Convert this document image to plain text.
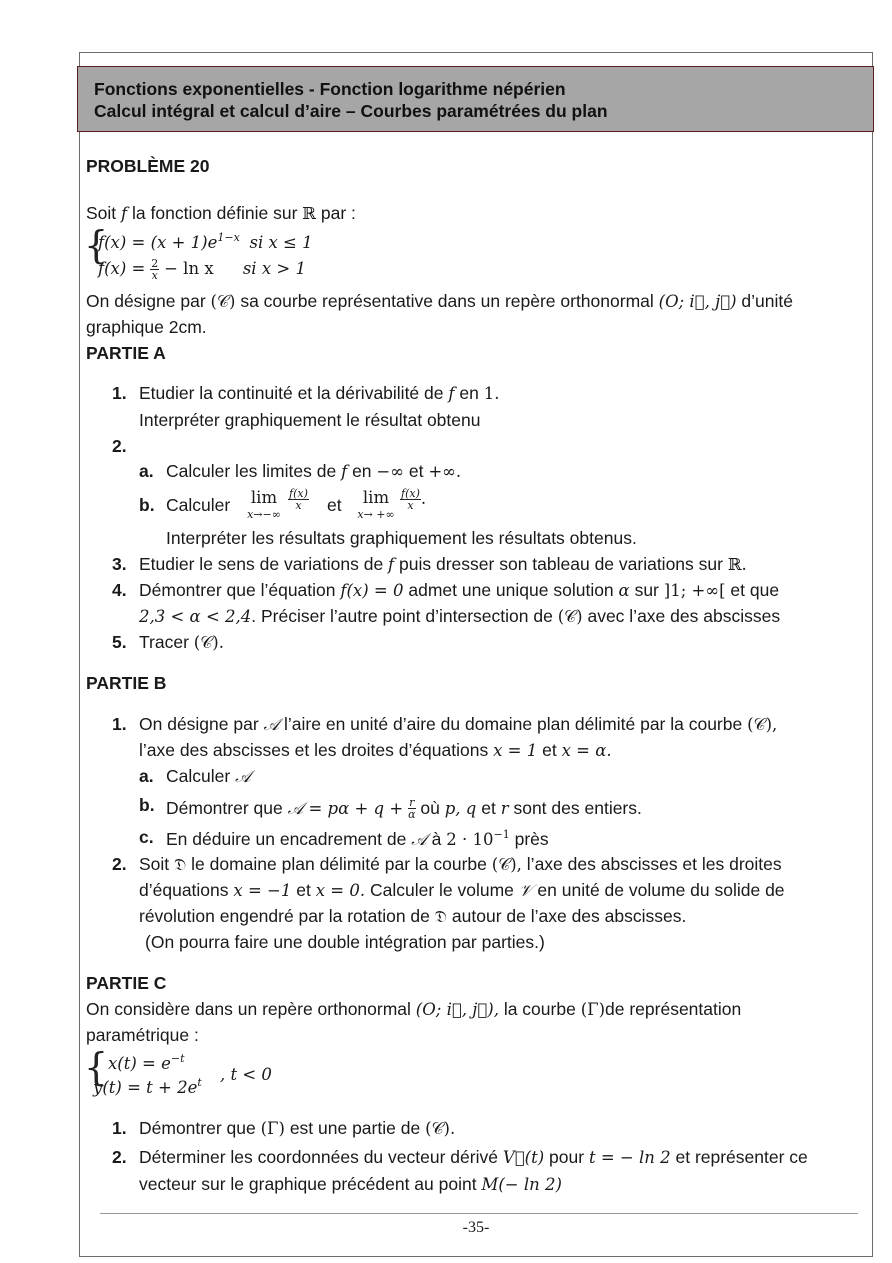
Fonctions exponentielles - Fonction logarithme népérien
Calcul intégral et calcul d’aire – Courbes paramétrées du plan
PROBLÈME 20
Soit f la fonction définie sur ℝ par :
{
$f(x) = (x + 1)e^{1-x}$ si x ≤ 1
$f(x) = \frac{2}{x} - \ln x$ si x > 1
On désigne par (𝒞) sa courbe représentative dans un repère orthonormal (O; i⃗, j⃗) d’unité
graphique 2cm.
PARTIE A
1. Etudier la continuité et la dérivabilité de f en 1.
Interpréter graphiquement le résultat obtenu
2.
a. Calculer les limites de f en −∞ et +∞.
b. Calculer	lim
x→−∞
$\frac{f(x)}{x}$ et	lim
x→ +∞
$\frac{f(x)}{x}$ .
Interpréter les résultats graphiquement les résultats obtenus.
3. Etudier le sens de variations de f puis dresser son tableau de variations sur ℝ.
4. Démontrer que l’équation f(x) = 0 admet une unique solution α sur ]1; +∞[ et que
2,3 < α < 2,4. Préciser l’autre point d’intersection de (𝒞) avec l’axe des abscisses
5. Tracer (𝒞).
PARTIE B
1. On désigne par 𝒜 l’aire en unité d’aire du domaine plan délimité par la courbe (𝒞),
l’axe des abscisses et les droites d’équations x = 1 et x = α.
a. Calculer 𝒜
b. Démontrer que 𝒜 = $p\alpha + q + \frac{r}{\alpha}$ où p, q et r sont des entiers.
c. En déduire un encadrement de 𝒜 à $2 \cdot 10^{-1}$ près
2. Soit 𝔇 le domaine plan délimité par la courbe (𝒞), l’axe des abscisses et les droites
d’équations x = −1 et x = 0. Calculer le volume 𝒱 en unité de volume du solide de
révolution engendré par la rotation de 𝔇 autour de l’axe des abscisses.
(On pourra faire une double intégration par parties.)
PARTIE C
On considère dans un repère orthonormal (O; i⃗, j⃗), la courbe (Γ)de représentation
paramétrique :
{ $x(t) = e^{-t}$
$y(t) = t + 2e^t$ , t < 0
1. Démontrer que (Γ) est une partie de (𝒞).
2. Déterminer les coordonnées du vecteur dérivé V⃗(t) pour t = − ln 2 et représenter ce
vecteur sur le graphique précédent au point M(− ln 2)
-35-
